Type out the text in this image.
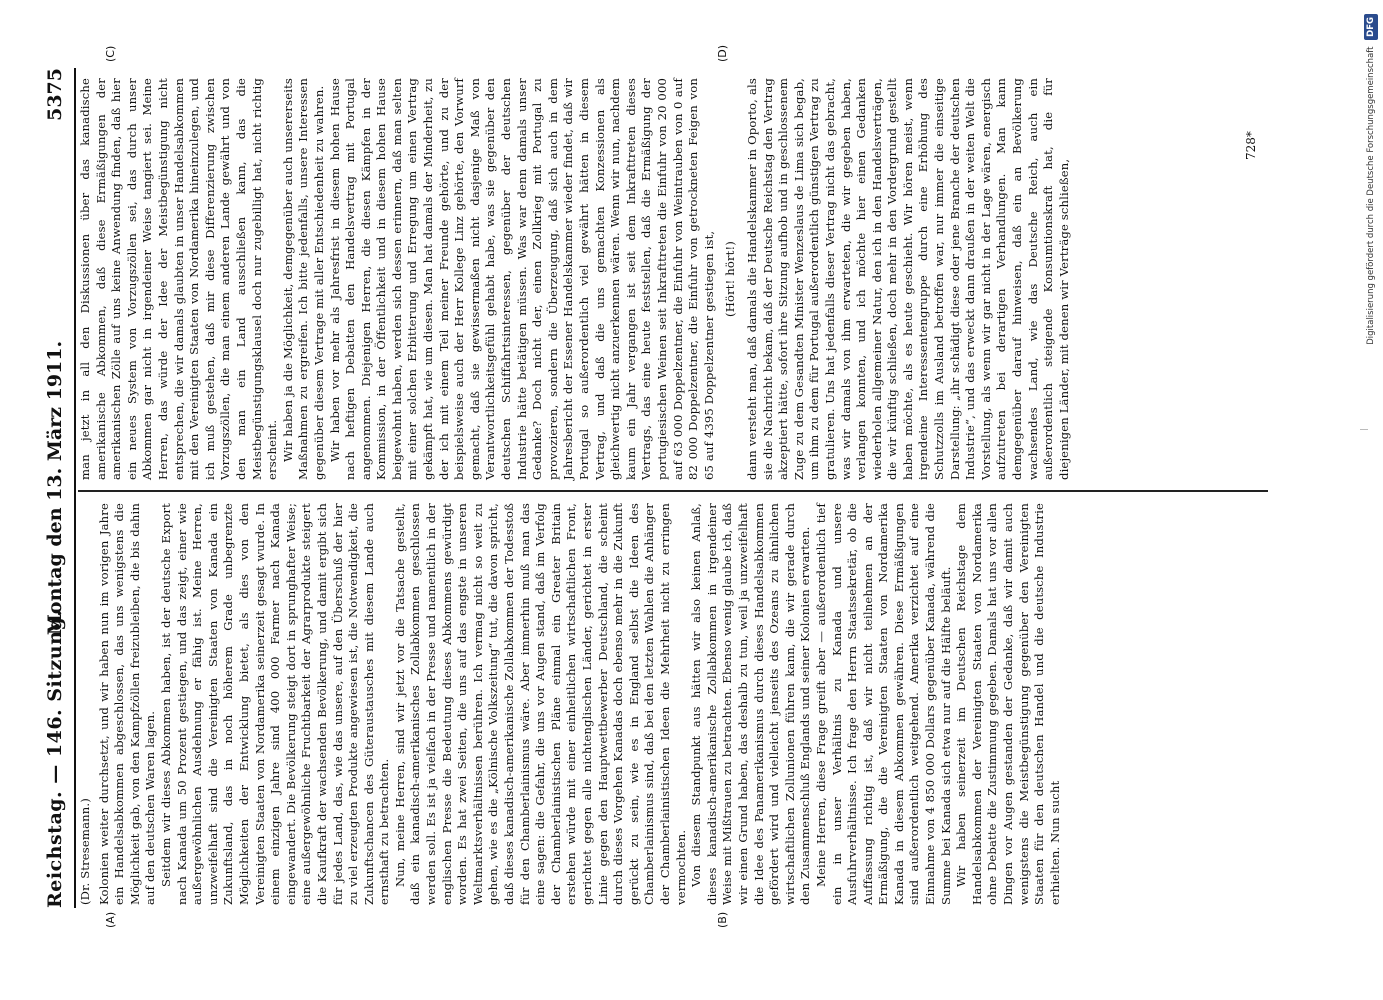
Reichstag. — 146. Sitzung.
Montag den 13. März 1911.
5375
(A)	(B)
(C)	(D)

(Dr. Stresemann.) Kolonien weiter durchsetzt, und wir haben nun im vorigen Jahre ein Handelsabkommen abgeschlossen, das uns wenigstens die Möglichkeit gab, von den Kampfzöllen freizubleiben, die bis dahin auf den deutschen Waren lagen. Seitdem wir dieses Abkommen haben, ist der deutsche Export nach Kanada um 50 Prozent gestiegen, und das zeigt, einer wie außergewöhnlichen Ausdehnung er fähig ist. Meine Herren, unzweifelhaft sind die Vereinigten Staaten von Kanada ein Zukunftsland, das in noch höherem Grade unbegrenzte Möglichkeiten der Entwicklung bietet, als dies von den Vereinigten Staaten von Nordamerika seinerzeit gesagt wurde. In einem einzigen Jahre sind 400 000 Farmer nach Kanada eingewandert. Die Bevölkerung steigt dort in sprunghafter Weise; eine außergewöhnliche Fruchtbarkeit der Agrarprodukte steigert die Kaufkraft der wachsenden Bevölkerung, und damit ergibt sich für jedes Land, das, wie das unsere, auf den Überschuß der hier zu viel erzeugten Produkte angewiesen ist, die Notwendigkeit, die Zukunftschancen des Güteraustausches mit diesem Lande auch ernsthaft zu betrachten. Nun, meine Herren, sind wir jetzt vor die Tatsache gestellt, daß ein kanadisch-amerikanisches Zollabkommen geschlossen werden soll. Es ist ja vielfach in der Presse und namentlich in der englischen Presse die Bedeutung dieses Abkommens gewürdigt worden. Es hat zwei Seiten, die uns auf das engste in unseren Weltmarktsverhältnissen berühren. Ich vermag nicht so weit zu gehen, wie es die „Kölnische Volkszeitung“ tut, die davon spricht, daß dieses kanadisch-amerikanische Zollabkommen der Todesstoß für den Chamberlainismus wäre. Aber immerhin muß man das eine sagen: die Gefahr, die uns vor Augen stand, daß im Verfolg der Chamberlainistischen Pläne einmal ein Greater Britain erstehen würde mit einer einheitlichen wirtschaftlichen Front, gerichtet gegen alle nichtenglischen Länder, gerichtet in erster Linie gegen den Hauptwettbewerber Deutschland, die scheint durch dieses Vorgehen Kanadas doch ebenso mehr in die Zukunft gerückt zu sein, wie es in England selbst die Ideen des Chamberlainismus sind, daß bei den letzten Wahlen die Anhänger der Chamberlainistischen Ideen die Mehrheit nicht zu erringen vermochten. Von diesem Standpunkt aus hätten wir also keinen Anlaß, dieses kanadisch-amerikanische Zollabkommen in irgendeiner Weise mit Mißtrauen zu betrachten. Ebenso wenig glaube ich, daß wir einen Grund haben, das deshalb zu tun, weil ja unzweifelhaft die Idee des Panamerikanismus durch dieses Handelsabkommen gefördert wird und vielleicht jenseits des Ozeans zu ähnlichen wirtschaftlichen Zollunionen führen kann, die wir gerade durch den Zusammenschluß Englands und seiner Kolonien erwarten. Meine Herren, diese Frage greift aber — außerordentlich tief ein in unser Verhältnis zu Kanada und unsere Ausfuhrverhältnisse. Ich frage den Herrn Staatssekretär, ob die Auffassung richtig ist, daß wir nicht teilnehmen an der Ermäßigung, die die Vereinigten Staaten von Nordamerika Kanada in diesem Abkommen gewähren. Diese Ermäßigungen sind außerordentlich weitgehend. Amerika verzichtet auf eine Einnahme von 4 850 000 Dollars gegenüber Kanada, während die Summe bei Kanada sich etwa nur auf die Hälfte beläuft. Wir haben seinerzeit im Deutschen Reichstage dem Handelsabkommen der Vereinigten Staaten von Nordamerika ohne Debatte die Zustimmung gegeben. Damals hat uns vor allen Dingen vor Augen gestanden der Gedanke, daß wir damit auch wenigstens die Meistbegünstigung gegenüber den Vereinigten Staaten für den deutschen Handel und die deutsche Industrie erhielten. Nun sucht

man jetzt in all den Diskussionen über das kanadische amerikanische Abkommen, daß diese Ermäßigungen der amerikanischen Zölle auf uns keine Anwendung finden, daß hier ein neues System von Vorzugszöllen sei, das durch unser Abkommen gar nicht in irgendeiner Weise tangiert sei. Meine Herren, das würde der Idee der Meistbegünstigung nicht entsprechen, die wir damals glaubten in unser Handelsabkommen mit den Vereinigten Staaten von Nordamerika hineinzulegen, und ich muß gestehen, daß mir diese Differenzierung zwischen Vorzugszöllen, die man einem anderen Lande gewährt und von den man ein Land ausschließen kann, das die Meistbegünstigungsklausel doch nur zugebilligt hat, nicht richtig erscheint. Wir haben ja die Möglichkeit, demgegenüber auch unsererseits Maßnahmen zu ergreifen. Ich bitte jedenfalls, unsere Interessen gegenüber diesem Vertrage mit aller Entschiedenheit zu wahren. Wir haben vor mehr als Jahresfrist in diesem hohen Hause nach heftigen Debatten den Handelsvertrag mit Portugal angenommen. Diejenigen Herren, die diesen Kämpfen in der Kommission, in der Öffentlichkeit und in diesem hohen Hause beigewohnt haben, werden sich dessen erinnern, daß man selten mit einer solchen Erbitterung und Erregung um einen Vertrag gekämpft hat, wie um diesen. Man hat damals der Minderheit, zu der ich mit einem Teil meiner Freunde gehörte, und zu der beispielsweise auch der Herr Kollege Linz gehörte, den Vorwurf gemacht, daß sie gewissermaßen nicht dasjenige Maß von Verantwortlichkeitsgefühl gehabt habe, was sie gegenüber den deutschen Schiffahrtsinteressen, gegenüber der deutschen Industrie hätte betätigen müssen. Was war denn damals unser Gedanke? Doch nicht der, einen Zollkrieg mit Portugal zu provozieren, sondern die Überzeugung, daß sich auch in dem Jahresbericht der Essener Handelskammer wieder findet, daß wir Portugal so außerordentlich viel gewährt hätten in diesem Vertrag, und daß die uns gemachten Konzessionen als gleichwertig nicht anzuerkennen wären. Wenn wir nun, nachdem kaum ein Jahr vergangen ist seit dem Inkrafttreten dieses Vertrags, das eine heute feststellen, daß die Ermäßigung der portugiesischen Weinen seit Inkrafttreten die Einfuhr von 20 000 auf 63 000 Doppelzentner, die Einfuhr von Weintrauben von 0 auf 82 000 Doppelzentner, die Einfuhr von getrockneten Feigen von 65 auf 4395 Doppelzentner gestiegen ist, (Hört! hört!) dann versteht man, daß damals die Handelskammer in Oporto, als sie die Nachricht bekam, daß der Deutsche Reichstag den Vertrag akzeptiert hätte, sofort ihre Sitzung aufhob und in geschlossenem Zuge zu dem Gesandten Minister Wenzeslaus de Lima sich begab, um ihm zu dem für Portugal außerordentlich günstigen Vertrag zu gratulieren. Uns hat jedenfalls dieser Vertrag nicht das gebracht, was wir damals von ihm erwarteten, die wir gegeben haben, verlangen konnten, und ich möchte hier einen Gedanken wiederholen allgemeiner Natur, den ich in den Handelsverträgen, die wir künftig schließen, doch mehr in den Vordergrund gestellt haben möchte, als es heute geschieht. Wir hören meist, wenn irgendeine Interessentengruppe durch eine Erhöhung des Schutzzolls im Ausland betroffen war, nur immer die einseitige Darstellung: „ihr schädigt diese oder jene Branche der deutschen Industrie“, und das erweckt dann draußen in der weiten Welt die Vorstellung, als wenn wir gar nicht in der Lage wären, energisch aufzutreten bei derartigen Verhandlungen. Man kann demgegenüber darauf hinweisen, daß ein an Bevölkerung wachsendes Land, wie das Deutsche Reich, auch ein außerordentlich steigende Konsumtionskraft hat, die für diejenigen Länder, mit denen wir Verträge schließen,

728*	Digitalisierung gefördert durch die Deutsche Forschungsgemeinschaft DFG
